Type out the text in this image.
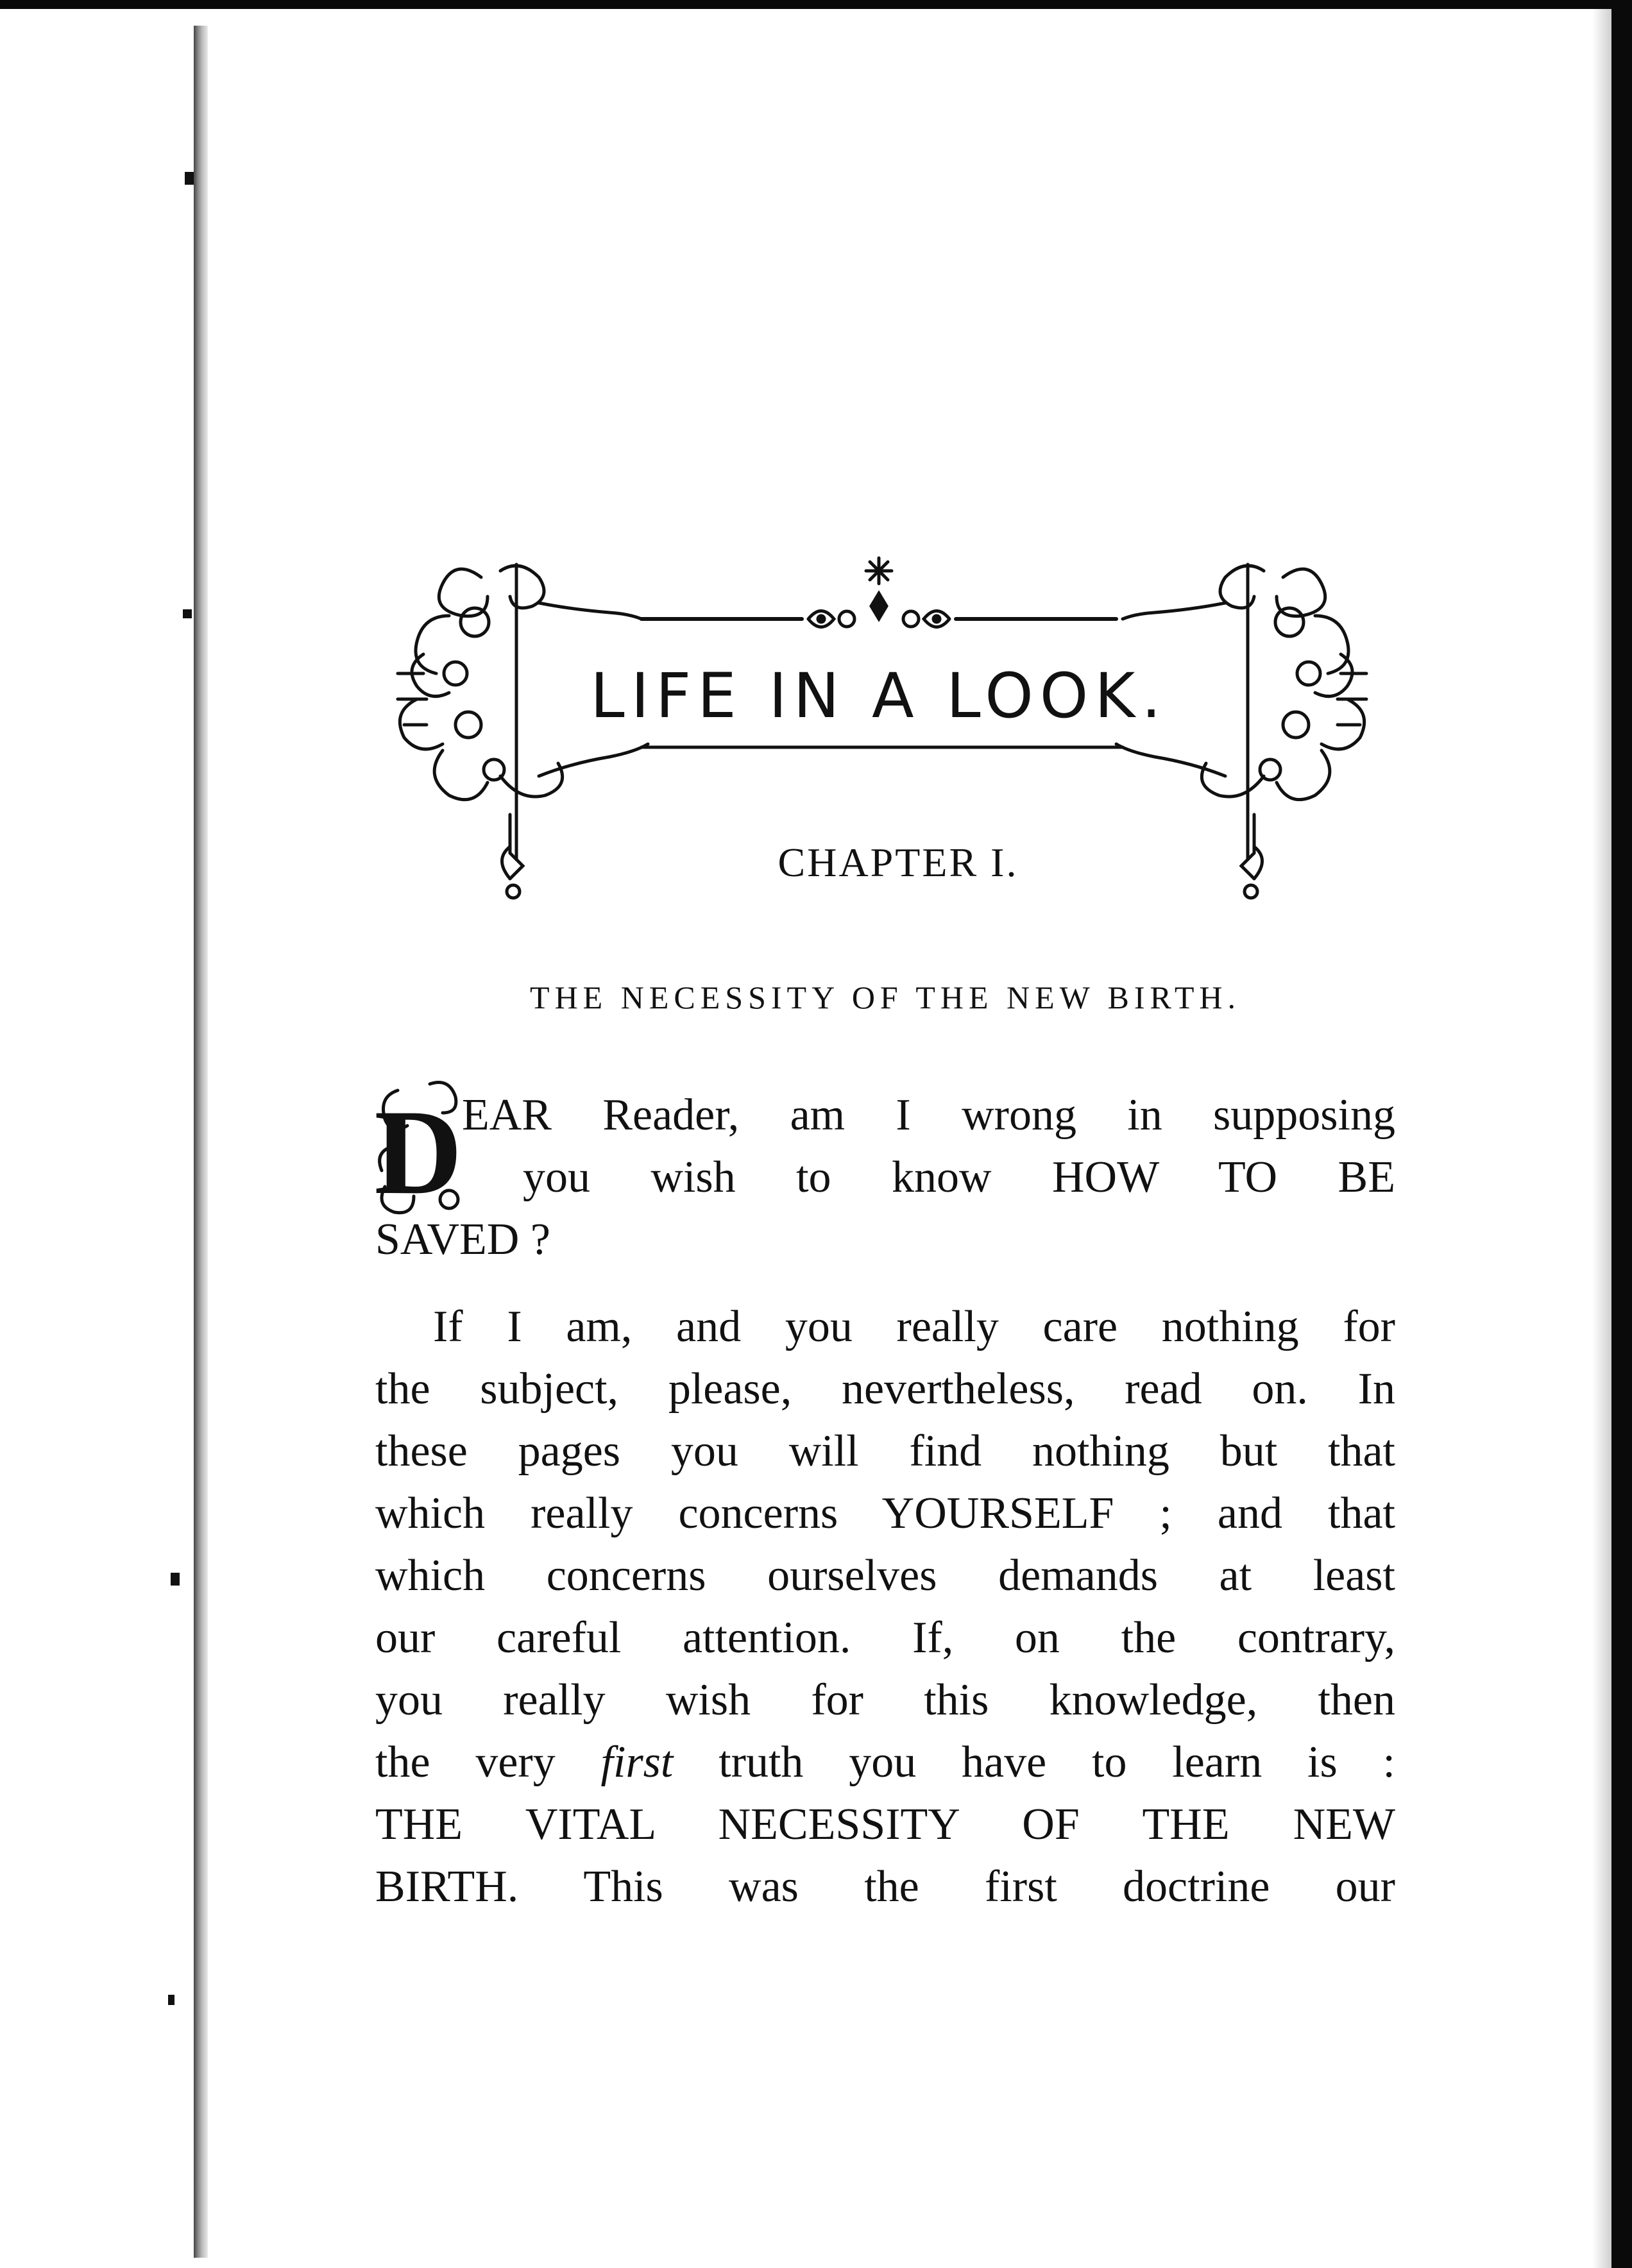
LIFE IN A LOOK.
CHAPTER I.
THE NECESSITY OF THE NEW BIRTH.
D EAR Reader, am I wrong in supposing
you wish to know HOW TO BE
SAVED ?
If I am, and you really care nothing for
the subject, please, nevertheless, read on. In
these pages you will find nothing but that
which really concerns YOURSELF ; and that
which concerns ourselves demands at least
our careful attention. If, on the contrary,
you really wish for this knowledge, then
the very first truth you have to learn is :
THE VITAL NECESSITY OF THE NEW
BIRTH. This was the first doctrine our
